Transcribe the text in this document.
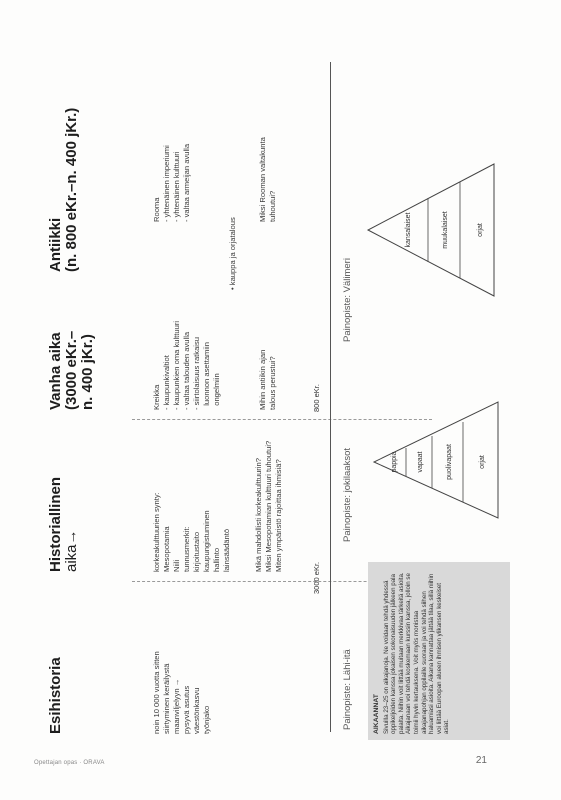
Esihistoria
Historiallinen aika→
Vanha aika (3000 eKr.– n. 400 jKr.)
Antiikki (n. 800 eKr.–n. 400 jKr.)
noin 10 000 vuotta sitten siirtyminen keräilystä maanviljelyyn → pysyvä asutus väestönkasvu työnjako
korkeakulttuurien synty: Mesopotamia Niili tunnusmerkit: kirjoitustaito kaupungistuminen hallinto lainsäädäntö	Mikä mahdollisti korkeakulttuurin? Miksi Mesopotamian kulttuuri tuhoutui? Miten ympäristö rajoittaa ihmisiä?
Kreikka - kaupunkivaltiot - kaupunkien oma kulttuuri - valtaa talouden avulla - siirtolaisuus ratkaisu luonnon asettamiin ongelmiin	Mihin antiikin ajan talous perustui?
• kauppa ja orjatalous
Rooma - yhtenäinen imperiumi - yhtenäinen kulttuuri - valtaa armeijan avulla	Miksi Rooman valtakunta tuhoutui?
3000 eKr.
800 eKr.
Painopiste: Lähi-itä
Painopiste: jokilaaksot
Painopiste: Välimeri
AIKAANNAT Sivuilla 23–25 on aikajanoja. Ne voidaan tehdä yhdessä oppikeljoiden kanssa jokaisen sokonaisuuden jälkeen pala palalta. Niihin voit liittää muitaan merkkivaa tärkeitä asioita. Aikajanaan voi tehdä koskemaan kurssin kanssa, jolloin se toimii hyvin kertauksena. Voit myös monistaa aikajanapohjan oppilaille suoraan ja voi tehdä siihen haluamiasi asioita. Aikana kannattaa jättää tilaa, sillä niihin voi liittää Euroopan alueen ihmisen ylikansen keskeiset asiat.
pappia	vapaat	puolivapaat	orjat
kansalaiset	muukalaiset	orjat
Opettajan opas · ORAVA	21
